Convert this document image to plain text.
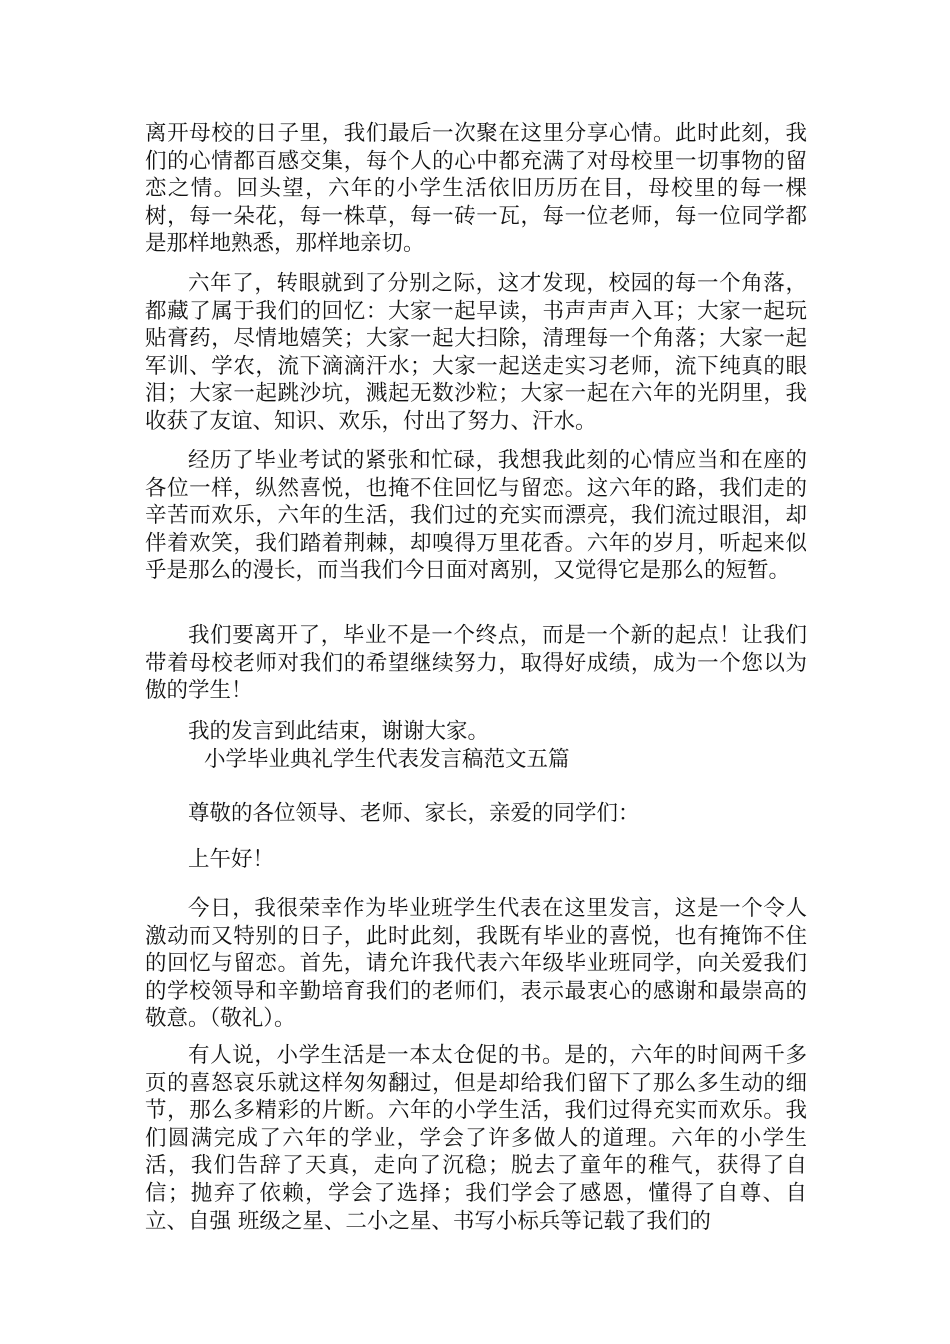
离开母校的日子里，我们最后一次聚在这里分享心情。此时此刻，我们的心情都百感交集，每个人的心中都充满了对母校里一切事物的留恋之情。回头望，六年的小学生活依旧历历在目，母校里的每一棵树，每一朵花，每一株草，每一砖一瓦，每一位老师，每一位同学都是那样地熟悉，那样地亲切。
六年了，转眼就到了分别之际，这才发现，校园的每一个角落，都藏了属于我们的回忆：大家一起早读，书声声声入耳；大家一起玩贴膏药，尽情地嬉笑；大家一起大扫除，清理每一个角落；大家一起军训、学农，流下滴滴汗水；大家一起送走实习老师，流下纯真的眼泪；大家一起跳沙坑，溅起无数沙粒；大家一起在六年的光阴里，我收获了友谊、知识、欢乐，付出了努力、汗水。
经历了毕业考试的紧张和忙碌，我想我此刻的心情应当和在座的各位一样，纵然喜悦，也掩不住回忆与留恋。这六年的路，我们走的辛苦而欢乐，六年的生活，我们过的充实而漂亮，我们流过眼泪，却伴着欢笑，我们踏着荆棘，却嗅得万里花香。六年的岁月，听起来似乎是那么的漫长，而当我们今日面对离别，又觉得它是那么的短暂。
我们要离开了，毕业不是一个终点，而是一个新的起点！让我们带着母校老师对我们的希望继续努力，取得好成绩，成为一个您以为傲的学生！
我的发言到此结束，谢谢大家。
小学毕业典礼学生代表发言稿范文五篇
尊敬的各位领导、老师、家长，亲爱的同学们：
上午好！
今日，我很荣幸作为毕业班学生代表在这里发言，这是一个令人激动而又特别的日子，此时此刻，我既有毕业的喜悦，也有掩饰不住的回忆与留恋。首先，请允许我代表六年级毕业班同学，向关爱我们的学校领导和辛勤培育我们的老师们，表示最衷心的感谢和最崇高的敬意。（敬礼）。
有人说，小学生活是一本太仓促的书。是的，六年的时间两千多页的喜怒哀乐就这样匆匆翻过，但是却给我们留下了那么多生动的细节，那么多精彩的片断。六年的小学生活，我们过得充实而欢乐。我们圆满完成了六年的学业，学会了许多做人的道理。六年的小学生活，我们告辞了天真，走向了沉稳；脱去了童年的稚气，获得了自信；抛弃了依赖，学会了选择；我们学会了感恩，懂得了自尊、自立、自强 班级之星、二小之星、书写小标兵等记载了我们的
